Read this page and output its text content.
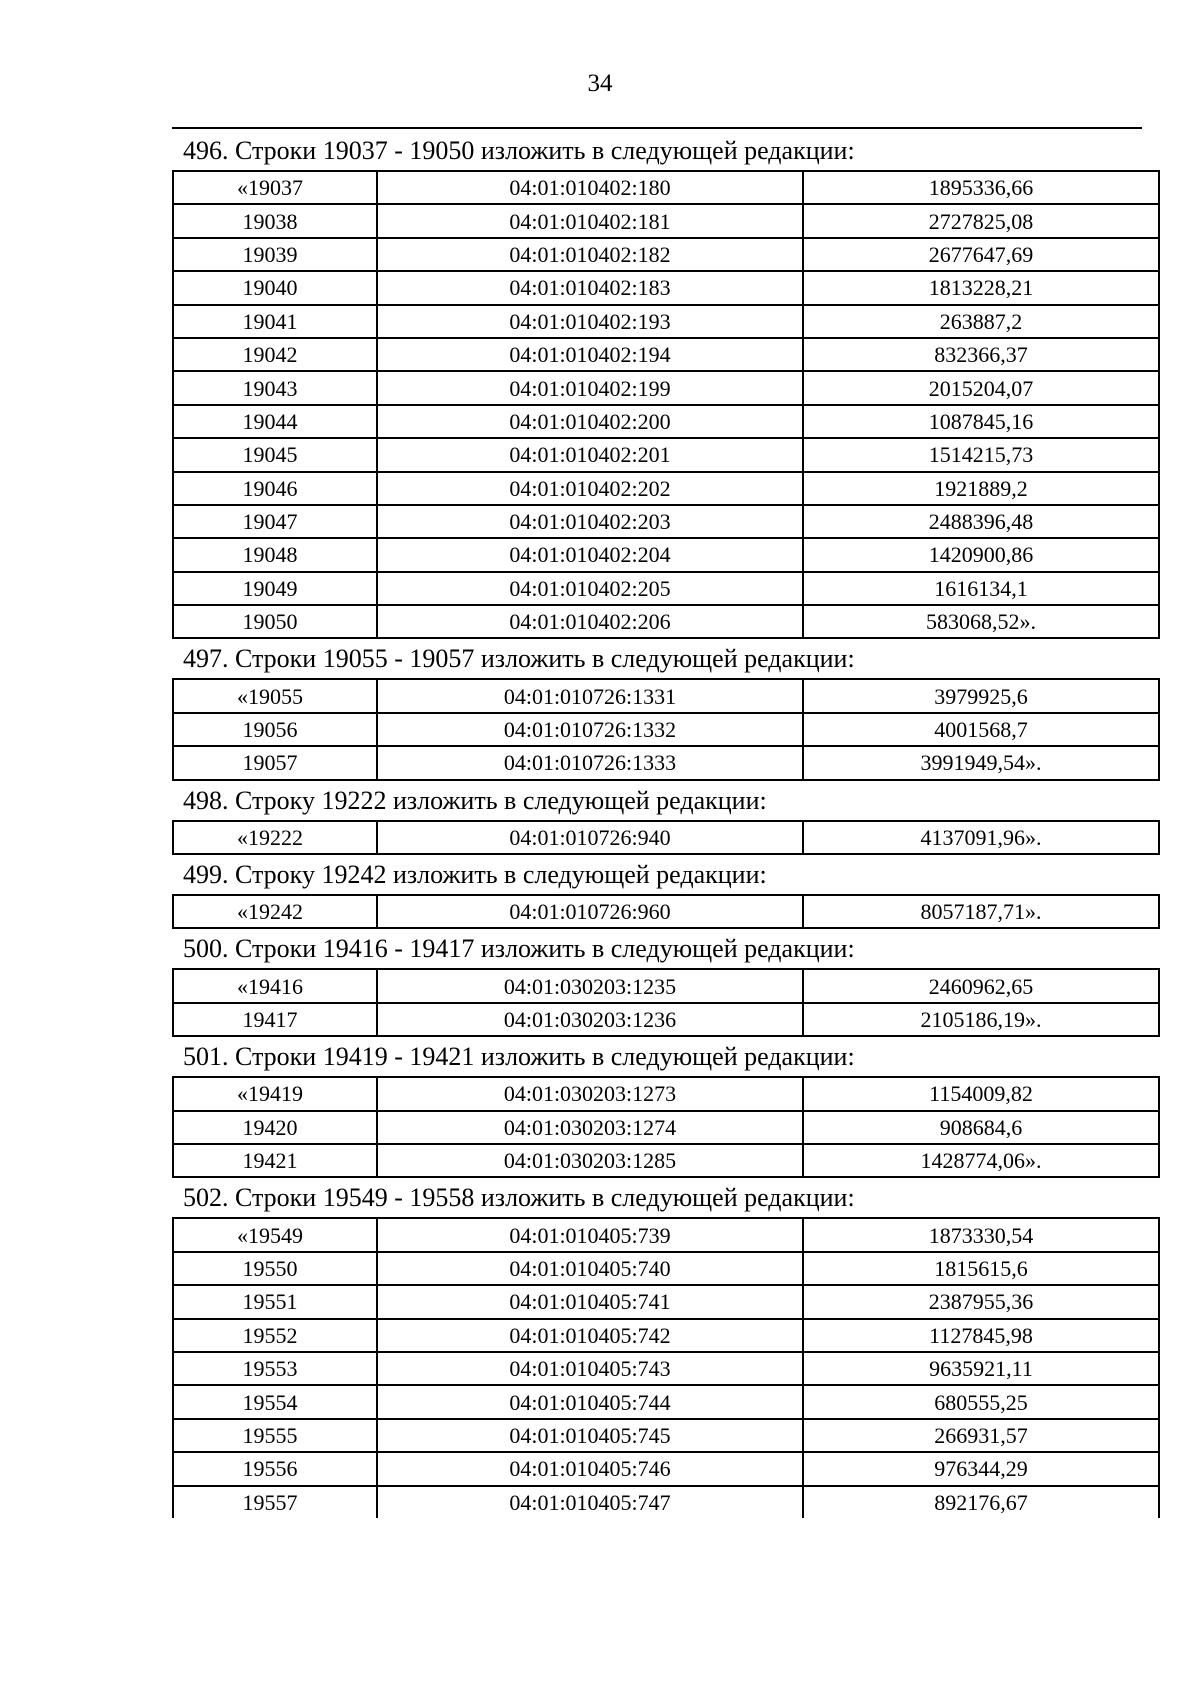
34
496. Строки 19037 - 19050 изложить в следующей редакции:
«19037	04:01:010402:180	1895336,66
19038	04:01:010402:181	2727825,08
19039	04:01:010402:182	2677647,69
19040	04:01:010402:183	1813228,21
19041	04:01:010402:193	263887,2
19042	04:01:010402:194	832366,37
19043	04:01:010402:199	2015204,07
19044	04:01:010402:200	1087845,16
19045	04:01:010402:201	1514215,73
19046	04:01:010402:202	1921889,2
19047	04:01:010402:203	2488396,48
19048	04:01:010402:204	1420900,86
19049	04:01:010402:205	1616134,1
19050	04:01:010402:206	583068,52».
497. Строки 19055 - 19057 изложить в следующей редакции:
«19055	04:01:010726:1331	3979925,6
19056	04:01:010726:1332	4001568,7
19057	04:01:010726:1333	3991949,54».
498. Строку 19222 изложить в следующей редакции:
«19222	04:01:010726:940	4137091,96».
499. Строку 19242 изложить в следующей редакции:
«19242	04:01:010726:960	8057187,71».
500. Строки 19416 - 19417 изложить в следующей редакции:
«19416	04:01:030203:1235	2460962,65
19417	04:01:030203:1236	2105186,19».
501. Строки 19419 - 19421 изложить в следующей редакции:
«19419	04:01:030203:1273	1154009,82
19420	04:01:030203:1274	908684,6
19421	04:01:030203:1285	1428774,06».
502. Строки 19549 - 19558 изложить в следующей редакции:
«19549	04:01:010405:739	1873330,54
19550	04:01:010405:740	1815615,6
19551	04:01:010405:741	2387955,36
19552	04:01:010405:742	1127845,98
19553	04:01:010405:743	9635921,11
19554	04:01:010405:744	680555,25
19555	04:01:010405:745	266931,57
19556	04:01:010405:746	976344,29
19557	04:01:010405:747	892176,67
